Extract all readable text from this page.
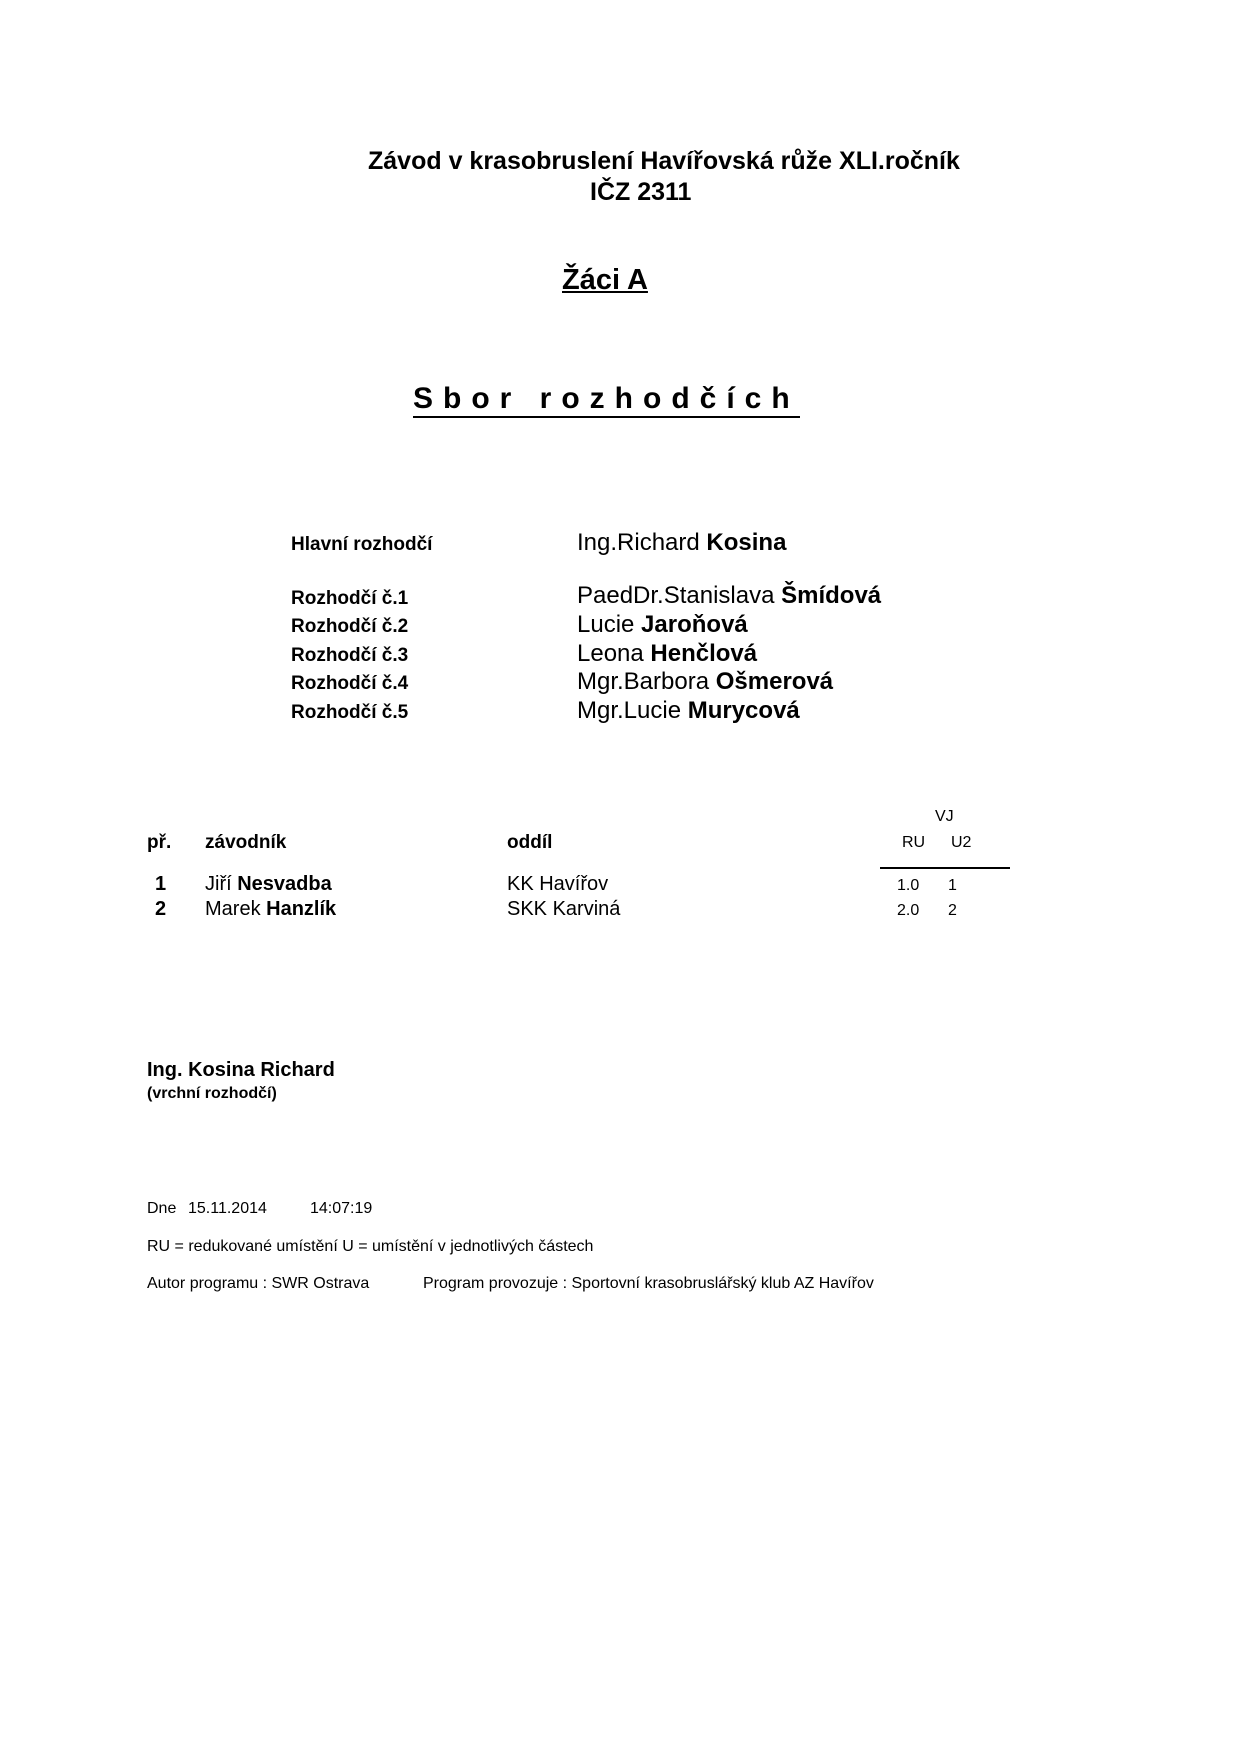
Závod v krasobruslení Havířovská růže XLI.ročník
IČZ 2311
Žáci A
Sbor rozhodčích
Hlavní rozhodčí	Ing.Richard Kosina
Rozhodčí č.1	PaedDr.Stanislava Šmídová
Rozhodčí č.2	Lucie Jaroňová
Rozhodčí č.3	Leona Henčlová
Rozhodčí č.4	Mgr.Barbora Ošmerová
Rozhodčí č.5	Mgr.Lucie Murycová
VJ
př. závodník	oddíl	RU U2
1 Jiří Nesvadba	KK Havířov	1.0 1
2 Marek Hanzlík	SKK Karviná	2.0 2
Ing. Kosina Richard
(vrchní rozhodčí)
Dne 15.11.2014	14:07:19
RU = redukované umístění U = umístění v jednotlivých částech
Autor programu : SWR Ostrava	Program provozuje : Sportovní krasobruslářský klub AZ Havířov
